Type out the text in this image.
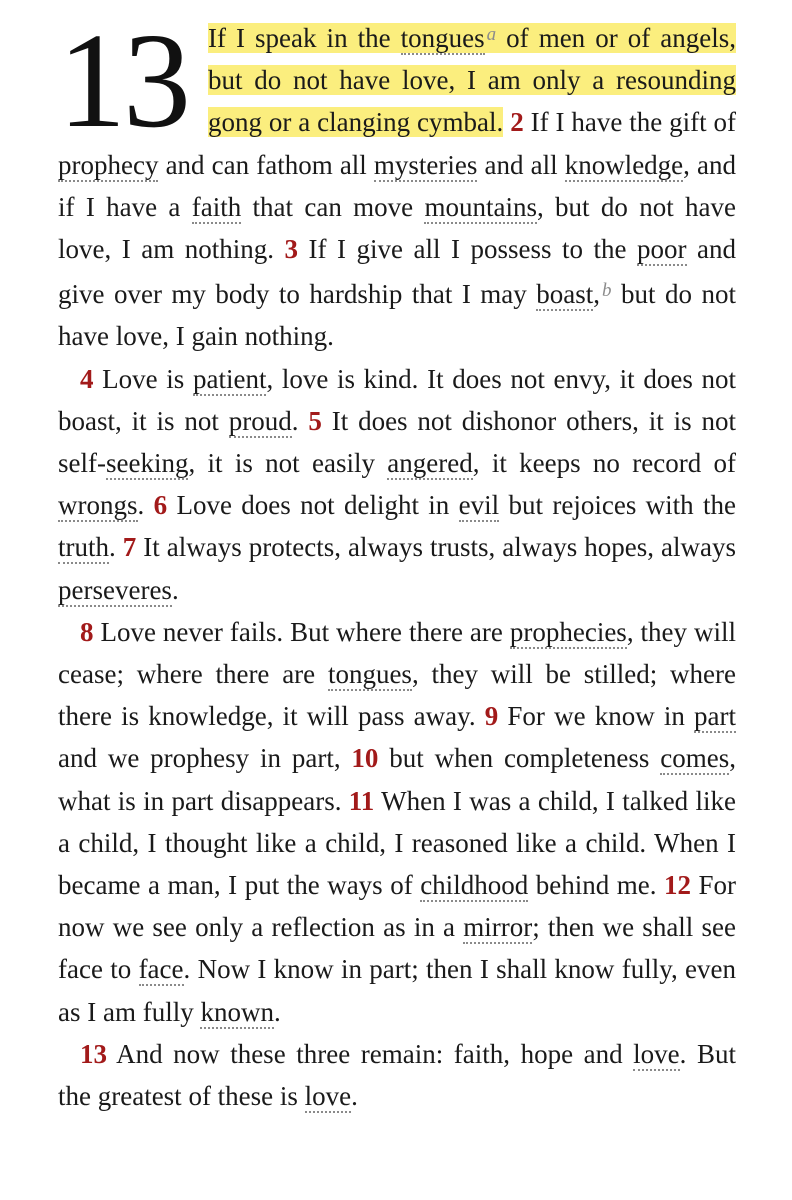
13 If I speak in the tongues $^a$ of men or of angels, but do not have love, I am only a resounding gong or a clanging cymbal. 2 If I have the gift of prophecy and can fathom all mysteries and all knowledge, and if I have a faith that can move mountains, but do not have love, I am nothing. 3 If I give all I possess to the poor and give over my body to hardship that I may boast, $^b$ but do not have love, I gain nothing.

4 Love is patient, love is kind. It does not envy, it does not boast, it is not proud. 5 It does not dishonor others, it is not self-seeking, it is not easily angered, it keeps no record of wrongs. 6 Love does not delight in evil but rejoices with the truth. 7 It always protects, always trusts, always hopes, always perseveres.

8 Love never fails. But where there are prophecies, they will cease; where there are tongues, they will be stilled; where there is knowledge, it will pass away. 9 For we know in part and we prophesy in part, 10 but when completeness comes, what is in part disappears. 11 When I was a child, I talked like a child, I thought like a child, I reasoned like a child. When I became a man, I put the ways of childhood behind me. 12 For now we see only a reflection as in a mirror; then we shall see face to face. Now I know in part; then I shall know fully, even as I am fully known.

13 And now these three remain: faith, hope and love. But the greatest of these is love.
